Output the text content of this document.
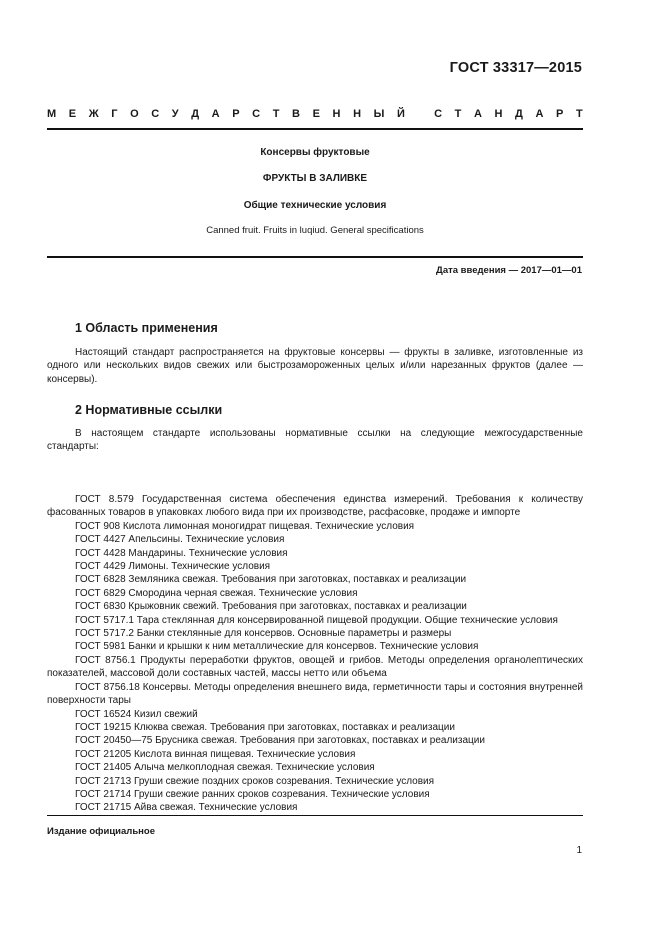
ГОСТ 33317—2015
М Е Ж Г О С У Д А Р С Т В Е Н Н Ы Й	С Т А Н Д А Р Т
Консервы фруктовые
ФРУКТЫ В ЗАЛИВКЕ
Общие технические условия
Canned fruit. Fruits in luqiud. General specifications
Дата введения — 2017—01—01
1 Область применения
Настоящий стандарт распространяется на фруктовые консервы — фрукты в заливке, изготовленные из одного или нескольких видов свежих или быстрозамороженных целых и/или нарезанных фруктов (далее — консервы).
2 Нормативные ссылки
В настоящем стандарте использованы нормативные ссылки на следующие межгосударственные стандарты:
ГОСТ 8.579 Государственная система обеспечения единства измерений. Требования к количеству фасованных товаров в упаковках любого вида при их производстве, расфасовке, продаже и импорте
ГОСТ 908 Кислота лимонная моногидрат пищевая. Технические условия
ГОСТ 4427 Апельсины. Технические условия
ГОСТ 4428 Мандарины. Технические условия
ГОСТ 4429 Лимоны. Технические условия
ГОСТ 6828 Земляника свежая. Требования при заготовках, поставках и реализации
ГОСТ 6829 Смородина черная свежая. Технические условия
ГОСТ 6830 Крыжовник свежий. Требования при заготовках, поставках и реализации
ГОСТ 5717.1 Тара стеклянная для консервированной пищевой продукции. Общие технические условия
ГОСТ 5717.2 Банки стеклянные для консервов. Основные параметры и размеры
ГОСТ 5981 Банки и крышки к ним металлические для консервов. Технические условия
ГОСТ 8756.1 Продукты переработки фруктов, овощей и грибов. Методы определения органолептических показателей, массовой доли составных частей, массы нетто или объема
ГОСТ 8756.18 Консервы. Методы определения внешнего вида, герметичности тары и состояния внутренней поверхности тары
ГОСТ 16524 Кизил свежий
ГОСТ 19215 Клюква свежая. Требования при заготовках, поставках и реализации
ГОСТ 20450—75 Брусника свежая. Требования при заготовках, поставках и реализации
ГОСТ 21205 Кислота винная пищевая. Технические условия
ГОСТ 21405 Алыча мелкоплодная свежая. Технические условия
ГОСТ 21713 Груши свежие поздних сроков созревания. Технические условия
ГОСТ 21714 Груши свежие ранних сроков созревания. Технические условия
ГОСТ 21715 Айва свежая. Технические условия
Издание официальное
1
